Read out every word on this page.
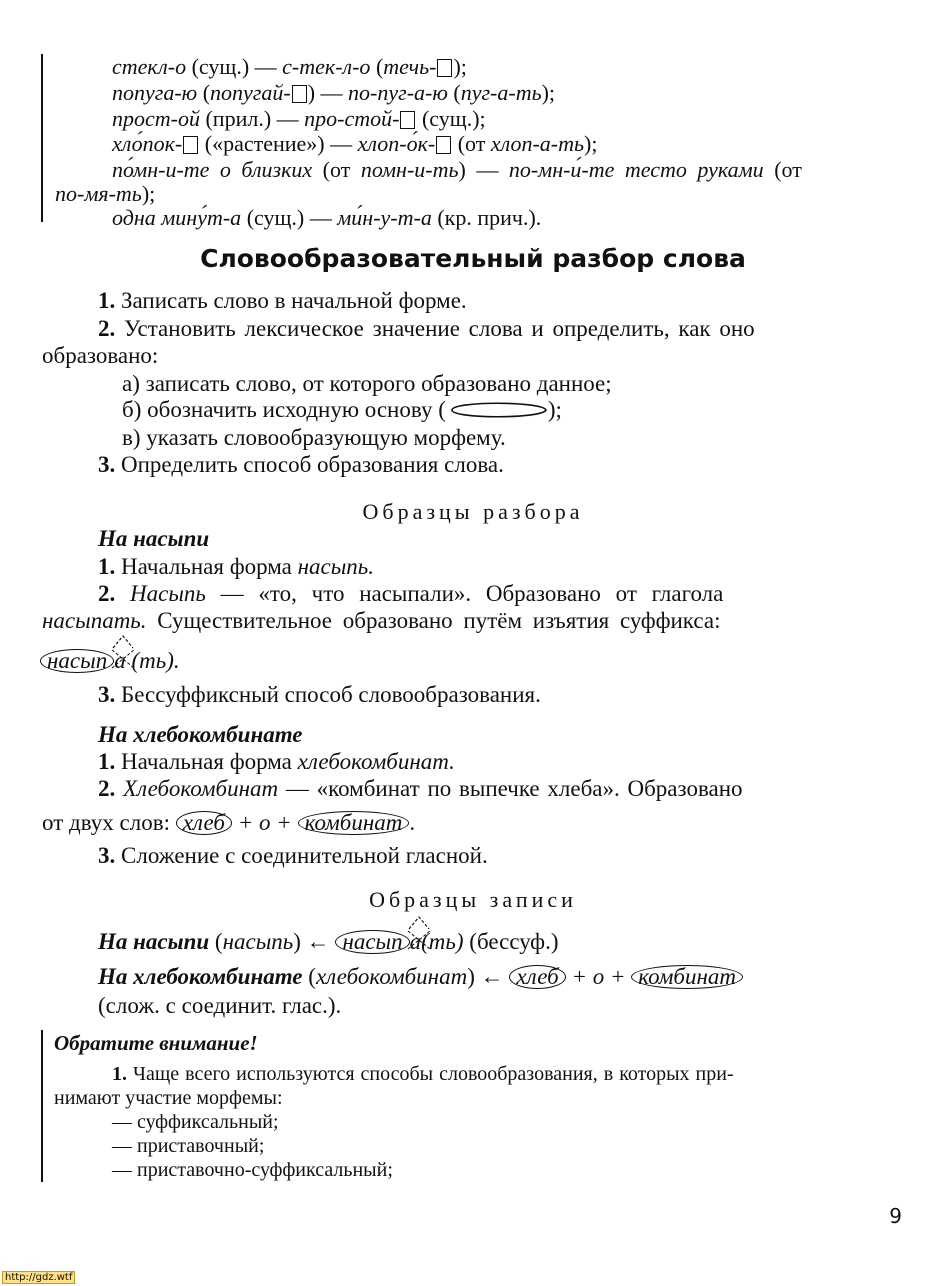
стекл-о (сущ.) — с-тек-л-о (течь- );
попуга-ю (попугай- ) — по-пуг-а-ю (пуг-а-ть);
прост-ой (прил.) — про-стой- (сущ.);
хло́пок- («растение») — хлоп-о́к- (от хлоп-а-ть);
по́мн-и-те о близких (от помн-и-ть) — по-мн-и́-те тесто руками (от
по-мя-ть);
одна мину́т-а (сущ.) — ми́н-у-т-а (кр. прич.).
Словообразовательный разбор слова
1. Записать слово в начальной форме.
2. Установить лексическое значение слова и определить, как оно
образовано:
а) записать слово, от которого образовано данное;
б) обозначить исходную основу (	);
в) указать словообразующую морфему.
3. Определить способ образования слова.
Образцы разбора
На насыпи
1. Начальная форма насыпь.
2. Насыпь — «то, что насыпали». Образовано от глагола
насыпать. Существительное образовано путём изъятия суффикса:
насып а (ть).
3. Бессуффиксный способ словообразования.
На хлебокомбинате
1. Начальная форма хлебокомбинат.
2. Хлебокомбинат — «комбинат по выпечке хлеба». Образовано
от двух слов: хлеб + о + комбинат .
3. Сложение с соединительной гласной.
Образцы записи
На насыпи (насыпь) ← насып а(ть) (бессуф.)
На хлебокомбинате (хлебокомбинат) ← хлеб + о + комбинат
(слож. с соединит. глас.).
Обратите внимание!
1. Чаще всего используются способы словообразования, в которых при-
нимают участие морфемы:
— суффиксальный;
— приставочный;
— приставочно-суффиксальный;
9
http://gdz.wtf
